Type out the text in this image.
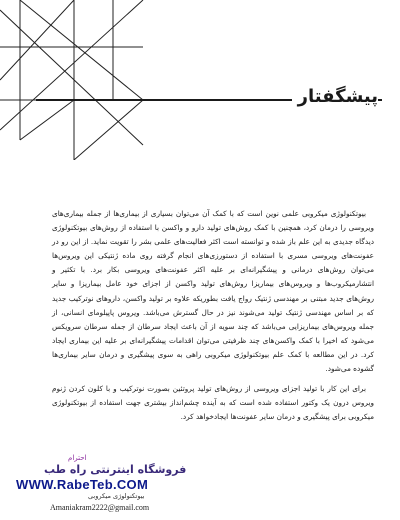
پیشگفتار

بیوتکنولوژی میکروبی علمی نوین است که با کمک آن می‌توان بسیاری از بیماری‌ها از جمله بیماری‌های ویروسی را درمان کرد، همچنین با کمک روش‌های تولید دارو و واکسن با استفاده از روش‌های بیوتکنولوژی دیدگاه جدیدی به این علم باز شده و توانسته است اکثر فعالیت‌های علمی بشر را تقویت نماید. از این رو در عفونت‌های ویروسی مسری با استفاده از دستورزی‌های انجام گرفته روی ماده ژنتیکی این ویروس‌ها می‌توان روش‌های درمانی و پیشگیرانه‌ای بر علیه اکثر عفونت‌های ویروسی بکار برد. با تکثیر و انتشارمیکروب‌ها و ویروس‌های بیماریزا روش‌های تولید واکسن از اجزای خود عامل بیماریزا و سایر روش‌های جدید مبتنی بر مهندسی ژنتیک رواج یافت بطوریکه علاوه بر تولید واکسن، داروهای نوترکیب جدید که بر اساس مهندسی ژنتیک تولید می‌شوند نیز در حال گسترش می‌باشد. ویروس پاپیلومای انسانی، از جمله ویروس‌های بیماریزایی می‌باشد که چند سویه از آن باعث ایجاد سرطان از جمله سرطان سرویکس می‌شود که اخیرا با کمک واکسن‌های چند ظرفیتی می‌توان اقدامات پیشگیرانه‌ای بر علیه این بیماری ایجاد کرد. در این مطالعه با کمک علم بیوتکنولوژی میکروبی راهی به سوی پیشگیری و درمان سایر بیماری‌ها گشوده می‌شود.

برای این کار با تولید اجزای ویروسی از روش‌های تولید پروتئین بصورت نوترکیب و با کلون کردن ژنوم ویروس درون یک وکتور استفاده شده است که به آینده چشم‌انداز بیشتری جهت استفاده از بیوتکنولوژی میکروبی برای پیشگیری و درمان سایر عفونت‌ها ایجادخواهد کرد.

احترام
فروشگاه اینترنتی راه طب
WWW.RabeTeb.COM
بیوتکنولوژی میکروبی
Amaniakram2222@gmail.com
